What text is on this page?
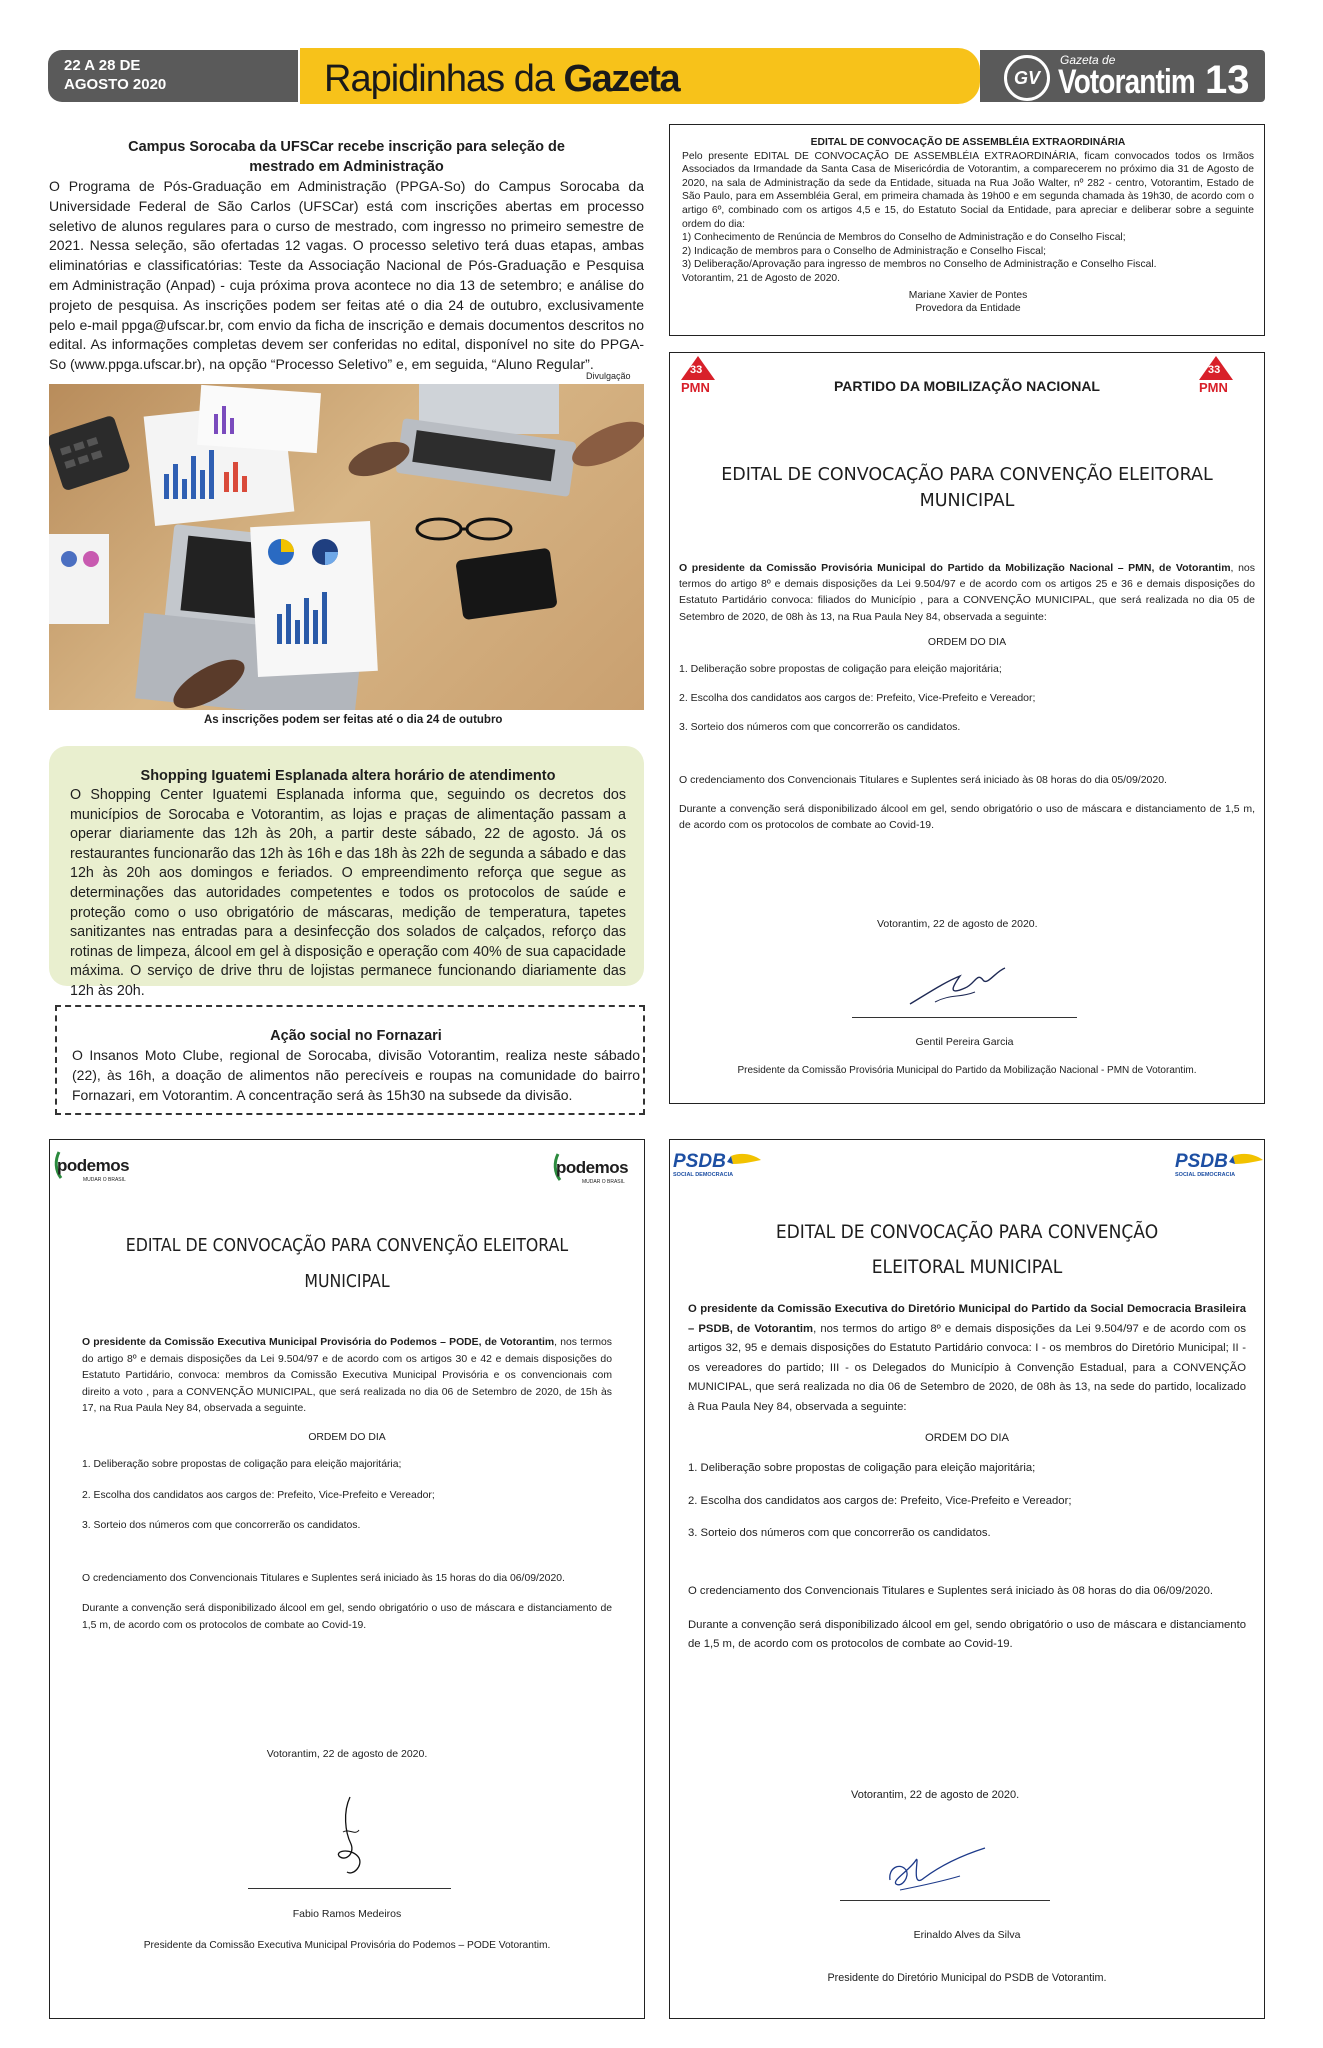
22 A 28 DE
AGOSTO 2020	Rapidinhas da Gazeta	GV
Gazeta de
Votorantim 13
Campus Sorocaba da UFSCar recebe inscrição para seleção de
mestrado em Administração
O Programa de Pós-Graduação em Administração (PPGA-So) do Campus Sorocaba da Universidade Federal de São Carlos (UFSCar) está com inscrições abertas em processo seletivo de alunos regulares para o curso de mestrado, com ingresso no primeiro semestre de 2021. Nessa seleção, são ofertadas 12 vagas. O processo seletivo terá duas etapas, ambas eliminatórias e classificatórias: Teste da Associação Nacional de Pós-Graduação e Pesquisa em Administração (Anpad) - cuja próxima prova acontece no dia 13 de setembro; e análise do projeto de pesquisa. As inscrições podem ser feitas até o dia 24 de outubro, exclusivamente pelo e-mail ppga@ufscar.br, com envio da ficha de inscrição e demais documentos descritos no edital. As informações completas devem ser conferidas no edital, disponível no site do PPGA-So (www.ppga.ufscar.br), na opção “Processo Seletivo” e, em seguida, “Aluno Regular”.
Divulgação
As inscrições podem ser feitas até o dia 24 de outubro
Shopping Iguatemi Esplanada altera horário de atendimento
O Shopping Center Iguatemi Esplanada informa que, seguindo os decretos dos municípios de Sorocaba e Votorantim, as lojas e praças de alimentação passam a operar diariamente das 12h às 20h, a partir deste sábado, 22 de agosto. Já os restaurantes funcionarão das 12h às 16h e das 18h às 22h de segunda a sábado e das 12h às 20h aos domingos e feriados. O empreendimento reforça que segue as determinações das autoridades competentes e todos os protocolos de saúde e proteção como o uso obrigatório de máscaras, medição de temperatura, tapetes sanitizantes nas entradas para a desinfecção dos solados de calçados, reforço das rotinas de limpeza, álcool em gel à disposição e operação com 40% de sua capacidade máxima. O serviço de drive thru de lojistas permanece funcionando diariamente das 12h às 20h.
Ação social no Fornazari
O Insanos Moto Clube, regional de Sorocaba, divisão Votorantim, realiza neste sábado (22), às 16h, a doação de alimentos não perecíveis e roupas na comunidade do bairro Fornazari, em Votorantim. A concentração será às 15h30 na subsede da divisão.
EDITAL DE CONVOCAÇÃO DE ASSEMBLÉIA EXTRAORDINÁRIA
Pelo presente EDITAL DE CONVOCAÇÃO DE ASSEMBLÉIA EXTRAORDINÁRIA, ficam convocados todos os Irmãos Associados da Irmandade da Santa Casa de Misericórdia de Votorantim, a comparecerem no próximo dia 31 de Agosto de 2020, na sala de Administração da sede da Entidade, situada na Rua João Walter, nº 282 - centro, Votorantim, Estado de São Paulo, para em Assembléia Geral, em primeira chamada às 19h00 e em segunda chamada às 19h30, de acordo com o artigo 6º, combinado com os artigos 4,5 e 15, do Estatuto Social da Entidade, para apreciar e deliberar sobre a seguinte ordem do dia:
1) Conhecimento de Renúncia de Membros do Conselho de Administração e do Conselho Fiscal;
2) Indicação de membros para o Conselho de Administração e Conselho Fiscal;
3) Deliberação/Aprovação para ingresso de membros no Conselho de Administração e Conselho Fiscal.
Votorantim, 21 de Agosto de 2020.
Mariane Xavier de Pontes
Provedora da Entidade
33
PMN
33
PMN
PARTIDO DA MOBILIZAÇÃO NACIONAL
EDITAL DE CONVOCAÇÃO PARA CONVENÇÃO ELEITORAL
MUNICIPAL
O presidente da Comissão Provisória Municipal do Partido da Mobilização Nacional – PMN, de Votorantim, nos termos do artigo 8º e demais disposições da Lei 9.504/97 e de acordo com os artigos 25 e 36 e demais disposições do Estatuto Partidário convoca: filiados do Município , para a CONVENÇÃO MUNICIPAL, que será realizada no dia 05 de Setembro de 2020, de 08h às 13, na Rua Paula Ney 84, observada a seguinte:
ORDEM DO DIA
1. Deliberação sobre propostas de coligação para eleição majoritária;
2. Escolha dos candidatos aos cargos de: Prefeito, Vice-Prefeito e Vereador;
3. Sorteio dos números com que concorrerão os candidatos.
O credenciamento dos Convencionais Titulares e Suplentes será iniciado às 08 horas do dia 05/09/2020.
Durante a convenção será disponibilizado álcool em gel, sendo obrigatório o uso de máscara e distanciamento de 1,5 m, de acordo com os protocolos de combate ao Covid-19.
Votorantim, 22 de agosto de 2020.
Gentil Pereira Garcia
Presidente da Comissão Provisória Municipal do Partido da Mobilização Nacional - PMN de Votorantim.
podemos
MUDAR O BRASIL
podemos
MUDAR O BRASIL
EDITAL DE CONVOCAÇÃO PARA CONVENÇÃO ELEITORAL
MUNICIPAL
O presidente da Comissão Executiva Municipal Provisória do Podemos – PODE, de Votorantim, nos termos do artigo 8º e demais disposições da Lei 9.504/97 e de acordo com os artigos 30 e 42 e demais disposições do Estatuto Partidário, convoca: membros da Comissão Executiva Municipal Provisória e os convencionais com direito a voto , para a CONVENÇÃO MUNICIPAL, que será realizada no dia 06 de Setembro de 2020, de 15h às 17, na Rua Paula Ney 84, observada a seguinte.
ORDEM DO DIA
1. Deliberação sobre propostas de coligação para eleição majoritária;
2. Escolha dos candidatos aos cargos de: Prefeito, Vice-Prefeito e Vereador;
3. Sorteio dos números com que concorrerão os candidatos.
O credenciamento dos Convencionais Titulares e Suplentes será iniciado às 15 horas do dia 06/09/2020.
Durante a convenção será disponibilizado álcool em gel, sendo obrigatório o uso de máscara e distanciamento de 1,5 m, de acordo com os protocolos de combate ao Covid-19.
Votorantim, 22 de agosto de 2020.
Fabio Ramos Medeiros
Presidente da Comissão Executiva Municipal Provisória do Podemos – PODE Votorantim.
PSDB
SOCIAL DEMOCRACIA
PSDB
SOCIAL DEMOCRACIA
EDITAL DE CONVOCAÇÃO PARA CONVENÇÃO
ELEITORAL MUNICIPAL
O presidente da Comissão Executiva do Diretório Municipal do Partido da Social Democracia Brasileira – PSDB, de Votorantim, nos termos do artigo 8º e demais disposições da Lei 9.504/97 e de acordo com os artigos 32, 95 e demais disposições do Estatuto Partidário convoca: I - os membros do Diretório Municipal; II - os vereadores do partido; III - os Delegados do Município à Convenção Estadual, para a CONVENÇÃO MUNICIPAL, que será realizada no dia 06 de Setembro de 2020, de 08h às 13, na sede do partido, localizado à Rua Paula Ney 84, observada a seguinte:
ORDEM DO DIA
1. Deliberação sobre propostas de coligação para eleição majoritária;
2. Escolha dos candidatos aos cargos de: Prefeito, Vice-Prefeito e Vereador;
3. Sorteio dos números com que concorrerão os candidatos.
O credenciamento dos Convencionais Titulares e Suplentes será iniciado às 08 horas do dia 06/09/2020.
Durante a convenção será disponibilizado álcool em gel, sendo obrigatório o uso de máscara e distanciamento de 1,5 m, de acordo com os protocolos de combate ao Covid-19.
Votorantim, 22 de agosto de 2020.
Erinaldo Alves da Silva
Presidente do Diretório Municipal do PSDB de Votorantim.
